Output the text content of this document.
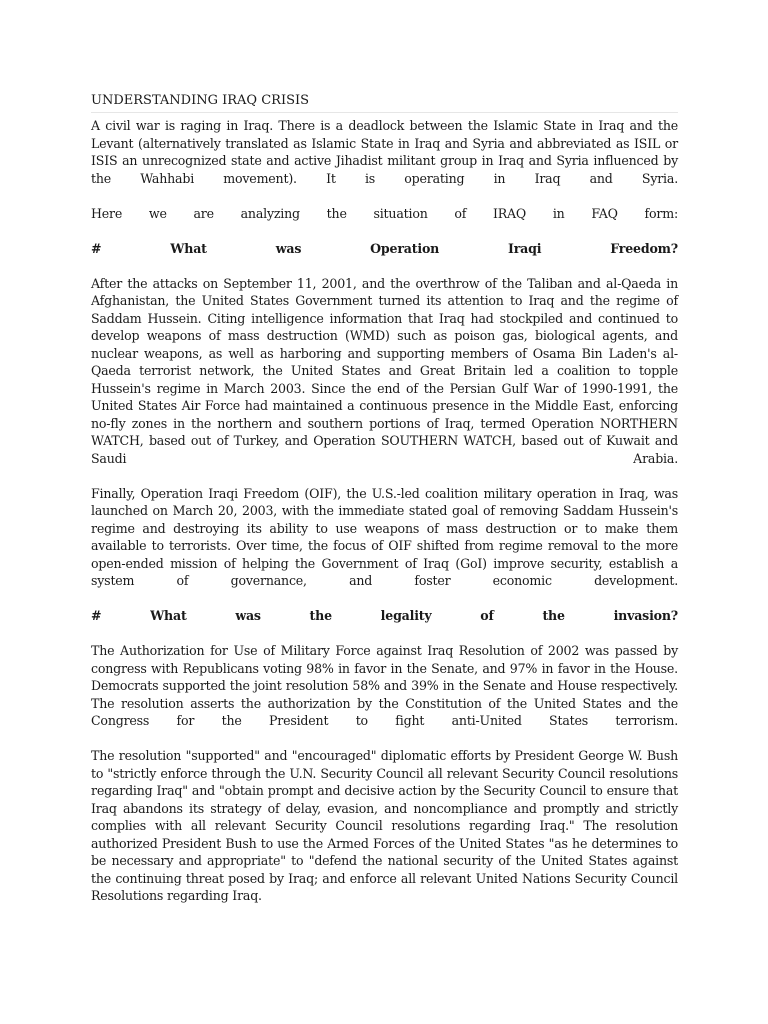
UNDERSTANDING IRAQ CRISIS

A civil war is raging in Iraq. There is a deadlock between the Islamic State in Iraq and the Levant (alternatively translated as Islamic State in Iraq and Syria and abbreviated as ISIL or ISIS an unrecognized state and active Jihadist militant group in Iraq and Syria influenced by the Wahhabi movement). It is operating in Iraq and Syria.

Here we are analyzing the situation of IRAQ in FAQ form:

#	What	was	Operation	Iraqi	Freedom?

After the attacks on September 11, 2001, and the overthrow of the Taliban and al-Qaeda in Afghanistan, the United States Government turned its attention to Iraq and the regime of Saddam Hussein. Citing intelligence information that Iraq had stockpiled and continued to develop weapons of mass destruction (WMD) such as poison gas, biological agents, and nuclear weapons, as well as harboring and supporting members of Osama Bin Laden's al-Qaeda terrorist network, the United States and Great Britain led a coalition to topple Hussein's regime in March 2003. Since the end of the Persian Gulf War of 1990-1991, the United States Air Force had maintained a continuous presence in the Middle East, enforcing no-fly zones in the northern and southern portions of Iraq, termed Operation NORTHERN WATCH, based out of Turkey, and Operation SOUTHERN WATCH, based out of Kuwait and Saudi Arabia.

Finally, Operation Iraqi Freedom (OIF), the U.S.-led coalition military operation in Iraq, was launched on March 20, 2003, with the immediate stated goal of removing Saddam Hussein's regime and destroying its ability to use weapons of mass destruction or to make them available to terrorists. Over time, the focus of OIF shifted from regime removal to the more open-ended mission of helping the Government of Iraq (GoI) improve security, establish a system of governance, and foster economic development.

#	What	was	the	legality	of	the	invasion?

The Authorization for Use of Military Force against Iraq Resolution of 2002 was passed by congress with Republicans voting 98% in favor in the Senate, and 97% in favor in the House. Democrats supported the joint resolution 58% and 39% in the Senate and House respectively. The resolution asserts the authorization by the Constitution of the United States and the Congress for the President to fight anti-United States terrorism.

The resolution "supported" and "encouraged" diplomatic efforts by President George W. Bush to "strictly enforce through the U.N. Security Council all relevant Security Council resolutions regarding Iraq" and "obtain prompt and decisive action by the Security Council to ensure that Iraq abandons its strategy of delay, evasion, and noncompliance and promptly and strictly complies with all relevant Security Council resolutions regarding Iraq." The resolution authorized President Bush to use the Armed Forces of the United States "as he determines to be necessary and appropriate" to "defend the national security of the United States against the continuing threat posed by Iraq; and enforce all relevant United Nations Security Council Resolutions regarding Iraq.
